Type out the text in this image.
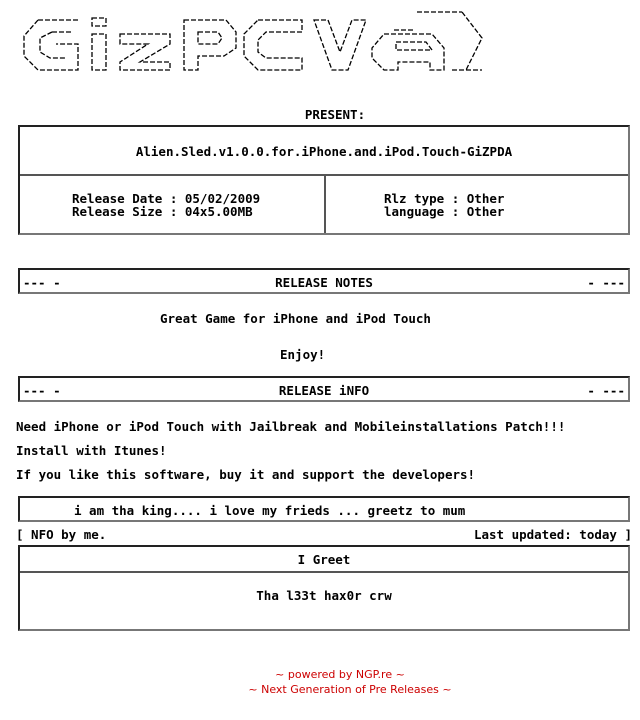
PRESENT:
Alien.Sled.v1.0.0.for.iPhone.and.iPod.Touch-GiZPDA
Release Date : 05/02/2009
Release Size : 04x5.00MB
Rlz type : Other
language : Other
--- -	RELEASE NOTES	- ---
Great Game for iPhone and iPod Touch
Enjoy!
--- -	RELEASE iNFO	- ---
Need iPhone or iPod Touch with Jailbreak and Mobileinstallations Patch!!!
Install with Itunes!
If you like this software, buy it and support the developers!
i am tha king.... i love my frieds ... greetz to mum
[ NFO by me.	Last updated: today ]
I Greet
Tha l33t hax0r crw
~ powered by NGP.re ~
~ Next Generation of Pre Releases ~
